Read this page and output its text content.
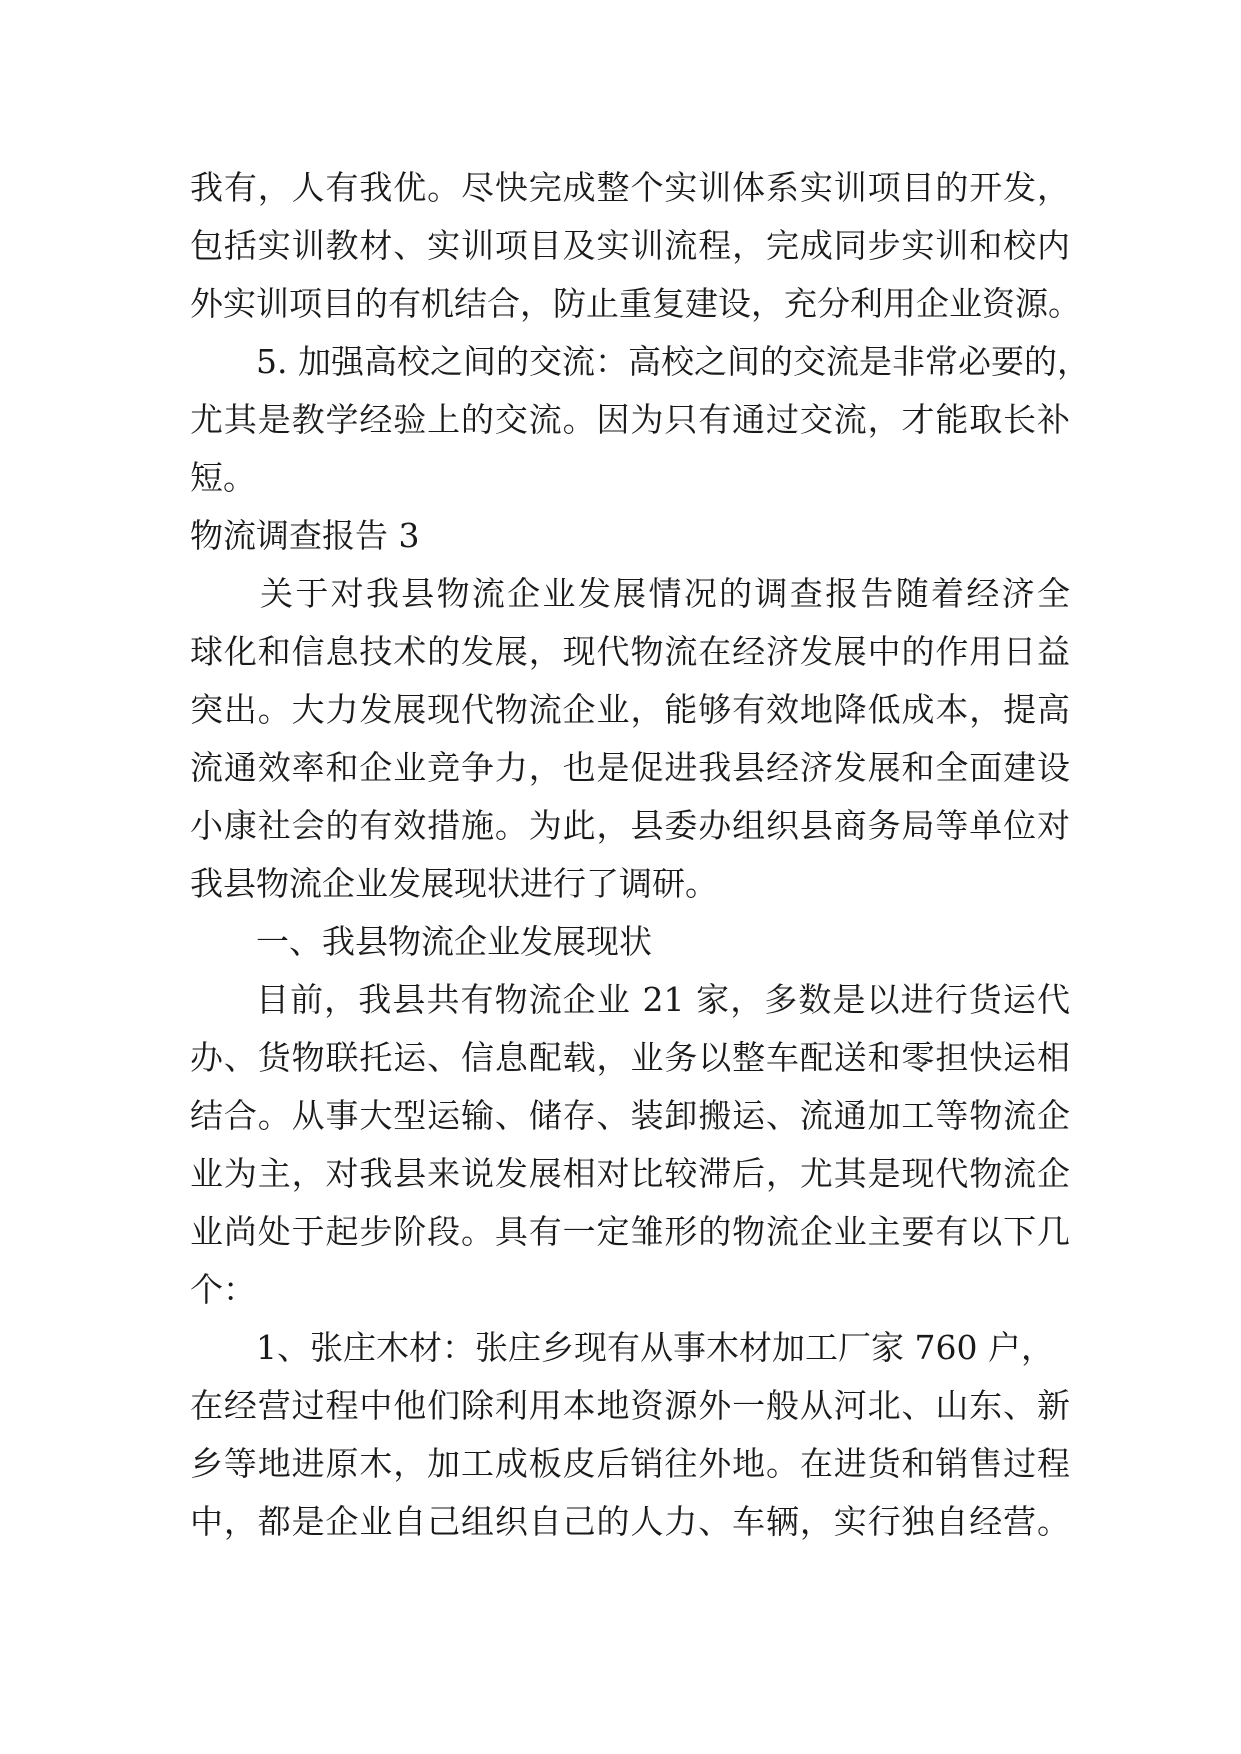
我有，人有我优。尽快完成整个实训体系实训项目的开发，
包括实训教材、实训项目及实训流程，完成同步实训和校内
外实训项目的有机结合，防止重复建设，充分利用企业资源。
5. 加强高校之间的交流：高校之间的交流是非常必要的，
尤其是教学经验上的交流。因为只有通过交流，才能取长补
短。
物流调查报告 3
关于对我县物流企业发展情况的调查报告随着经济全
球化和信息技术的发展，现代物流在经济发展中的作用日益
突出。大力发展现代物流企业，能够有效地降低成本，提高
流通效率和企业竞争力，也是促进我县经济发展和全面建设
小康社会的有效措施。为此，县委办组织县商务局等单位对
我县物流企业发展现状进行了调研。
一、我县物流企业发展现状
目前，我县共有物流企业 21 家，多数是以进行货运代
办、货物联托运、信息配载，业务以整车配送和零担快运相
结合。从事大型运输、储存、装卸搬运、流通加工等物流企
业为主，对我县来说发展相对比较滞后，尤其是现代物流企
业尚处于起步阶段。具有一定雏形的物流企业主要有以下几
个：
1、张庄木材：张庄乡现有从事木材加工厂家 760 户，
在经营过程中他们除利用本地资源外一般从河北、山东、新
乡等地进原木，加工成板皮后销往外地。在进货和销售过程
中，都是企业自己组织自己的人力、车辆，实行独自经营。
